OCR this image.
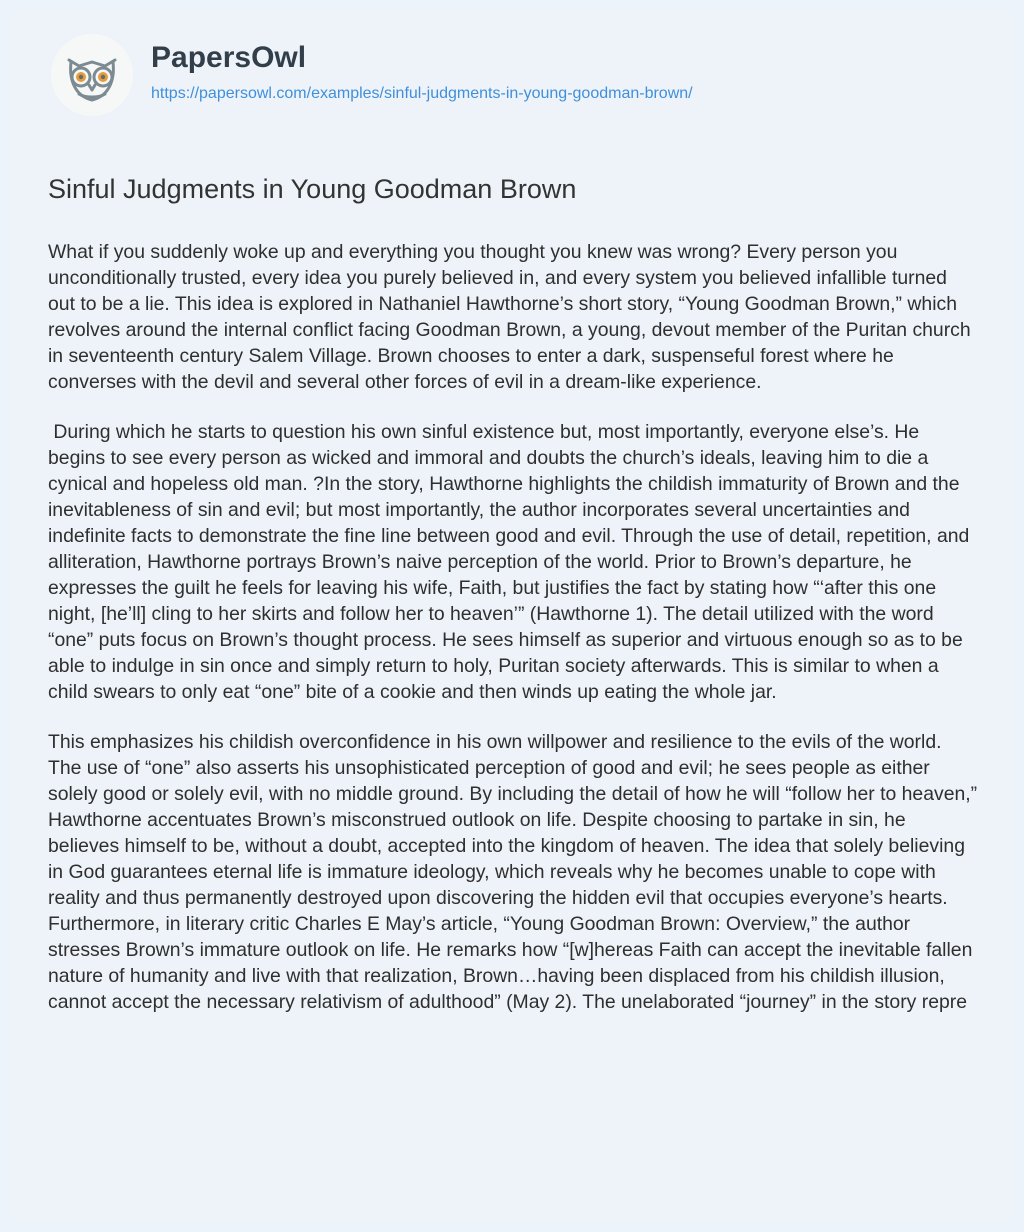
PapersOwl
https://papersowl.com/examples/sinful-judgments-in-young-goodman-brown/
Sinful Judgments in Young Goodman Brown

What if you suddenly woke up and everything you thought you knew was wrong? Every person you unconditionally trusted, every idea you purely believed in, and every system you believed infallible turned out to be a lie. This idea is explored in Nathaniel Hawthorne’s short story, “Young Goodman Brown,” which revolves around the internal conflict facing Goodman Brown, a young, devout member of the Puritan church in seventeenth century Salem Village. Brown chooses to enter a dark, suspenseful forest where he converses with the devil and several other forces of evil in a dream-like experience.

During which he starts to question his own sinful existence but, most importantly, everyone else’s. He begins to see every person as wicked and immoral and doubts the church’s ideals, leaving him to die a cynical and hopeless old man. ?In the story, Hawthorne highlights the childish immaturity of Brown and the inevitableness of sin and evil; but most importantly, the author incorporates several uncertainties and indefinite facts to demonstrate the fine line between good and evil. Through the use of detail, repetition, and alliteration, Hawthorne portrays Brown’s naive perception of the world. Prior to Brown’s departure, he expresses the guilt he feels for leaving his wife, Faith, but justifies the fact by stating how “‘after this one night, [he’ll] cling to her skirts and follow her to heaven’” (Hawthorne 1). The detail utilized with the word “one” puts focus on Brown’s thought process. He sees himself as superior and virtuous enough so as to be able to indulge in sin once and simply return to holy, Puritan society afterwards. This is similar to when a child swears to only eat “one” bite of a cookie and then winds up eating the whole jar.

This emphasizes his childish overconfidence in his own willpower and resilience to the evils of the world. The use of “one” also asserts his unsophisticated perception of good and evil; he sees people as either solely good or solely evil, with no middle ground. By including the detail of how he will “follow her to heaven,” Hawthorne accentuates Brown’s misconstrued outlook on life. Despite choosing to partake in sin, he believes himself to be, without a doubt, accepted into the kingdom of heaven. The idea that solely believing in God guarantees eternal life is immature ideology, which reveals why he becomes unable to cope with reality and thus permanently destroyed upon discovering the hidden evil that occupies everyone’s hearts. Furthermore, in literary critic Charles E May’s article, “Young Goodman Brown: Overview,” the author stresses Brown’s immature outlook on life. He remarks how “[w]hereas Faith can accept the inevitable fallen nature of humanity and live with that realization, Brown…having been displaced from his childish illusion, cannot accept the necessary relativism of adulthood” (May 2). The unelaborated “journey” in the story repre
